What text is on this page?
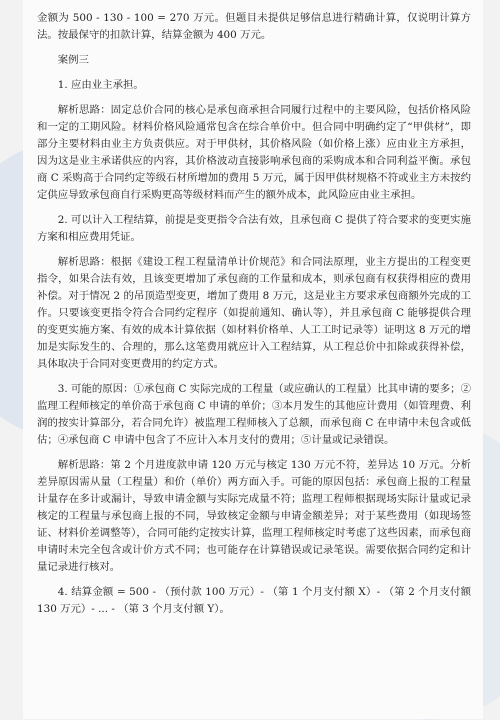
金额为 500 - 130 - 100 = 270 万元。但题目未提供足够信息进行精确计算，仅说明计算方法。按最保守的扣款计算，结算金额为 400 万元。

案例三

1. 应由业主承担。

解析思路：固定总价合同的核心是承包商承担合同履行过程中的主要风险，包括价格风险和一定的工期风险。材料价格风险通常包含在综合单价中。但合同中明确约定了“甲供材”，即部分主要材料由业主方负责供应。对于甲供材，其价格风险（如价格上涨）应由业主方承担，因为这是业主承诺供应的内容，其价格波动直接影响承包商的采购成本和合同利益平衡。承包商 C 采购高于合同约定等级石材所增加的费用 5 万元，属于因甲供材规格不符或业主方未按约定供应导致承包商自行采购更高等级材料而产生的额外成本，此风险应由业主承担。

2. 可以计入工程结算，前提是变更指令合法有效，且承包商 C 提供了符合要求的变更实施方案和相应费用凭证。

解析思路：根据《建设工程工程量清单计价规范》和合同法原理，业主方提出的工程变更指令，如果合法有效，且该变更增加了承包商的工作量和成本，则承包商有权获得相应的费用补偿。对于情况 2 的吊顶造型变更，增加了费用 8 万元，这是业主方要求承包商额外完成的工作。只要该变更指令符合合同约定程序（如提前通知、确认等），并且承包商 C 能够提供合理的变更实施方案、有效的成本计算依据（如材料价格单、人工工时记录等）证明这 8 万元的增加是实际发生的、合理的，那么这笔费用就应计入工程结算，从工程总价中扣除或获得补偿，具体取决于合同对变更费用的约定方式。

3. 可能的原因：①承包商 C 实际完成的工程量（或应确认的工程量）比其申请的要多；②监理工程师核定的单价高于承包商 C 申请的单价；③本月发生的其他应计费用（如管理费、利润的按实计算部分，若合同允许）被监理工程师核入了总额，而承包商 C 在申请中未包含或低估；④承包商 C 申请中包含了不应计入本月支付的费用；⑤计量或记录错误。

解析思路：第 2 个月进度款申请 120 万元与核定 130 万元不符，差异达 10 万元。分析差异原因需从量（工程量）和价（单价）两方面入手。可能的原因包括：承包商上报的工程量计量存在多计或漏计，导致申请金额与实际完成量不符；监理工程师根据现场实际计量或记录核定的工程量与承包商上报的不同，导致核定金额与申请金额差异；对于某些费用（如现场签证、材料价差调整等），合同可能约定按实计算，监理工程师核定时考虑了这些因素，而承包商申请时未完全包含或计价方式不同；也可能存在计算错误或记录笔误。需要依据合同约定和计量记录进行核对。

4. 结算金额 = 500 - （预付款 100 万元）- （第 1 个月支付额 X）- （第 2 个月支付额 130 万元）- ... - （第 3 个月支付额 Y）。
